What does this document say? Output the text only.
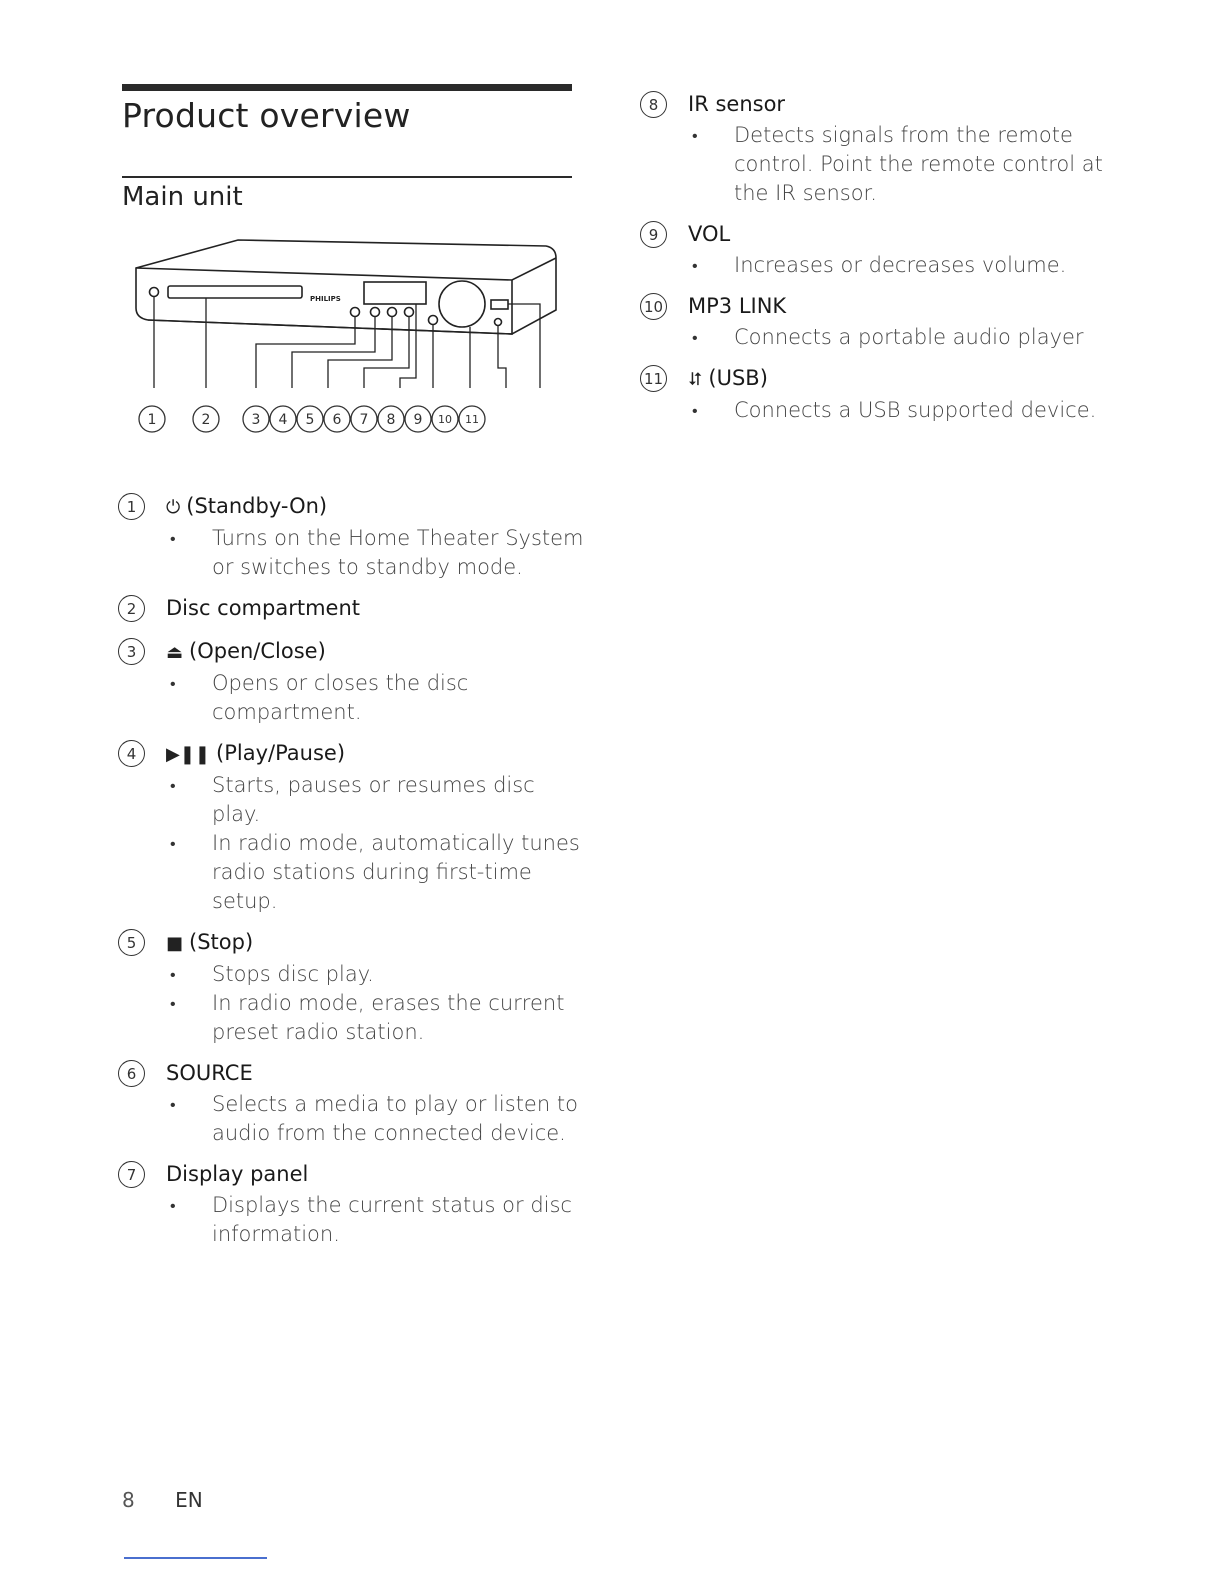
Product overview
Main unit
PHILIPS
1	2	3 4 5 6 7 8 9 10 11
1	⏻ (Standby-On)
• Turns on the Home Theater System or switches to standby mode.
2	Disc compartment
3	⏏ (Open/Close)
• Opens or closes the disc compartment.
4	▶❚❚ (Play/Pause)
• Starts, pauses or resumes disc play.
• In radio mode, automatically tunes radio stations during first-time setup.
5	■ (Stop)
• Stops disc play.
• In radio mode, erases the current preset radio station.
6	SOURCE
• Selects a media to play or listen to audio from the connected device.
7	Display panel
• Displays the current status or disc information.
8	IR sensor
• Detects signals from the remote control. Point the remote control at the IR sensor.
9	VOL
• Increases or decreases volume.
10 MP3 LINK
• Connects a portable audio player
11 ⮃ (USB)
• Connects a USB supported device.
8 EN
